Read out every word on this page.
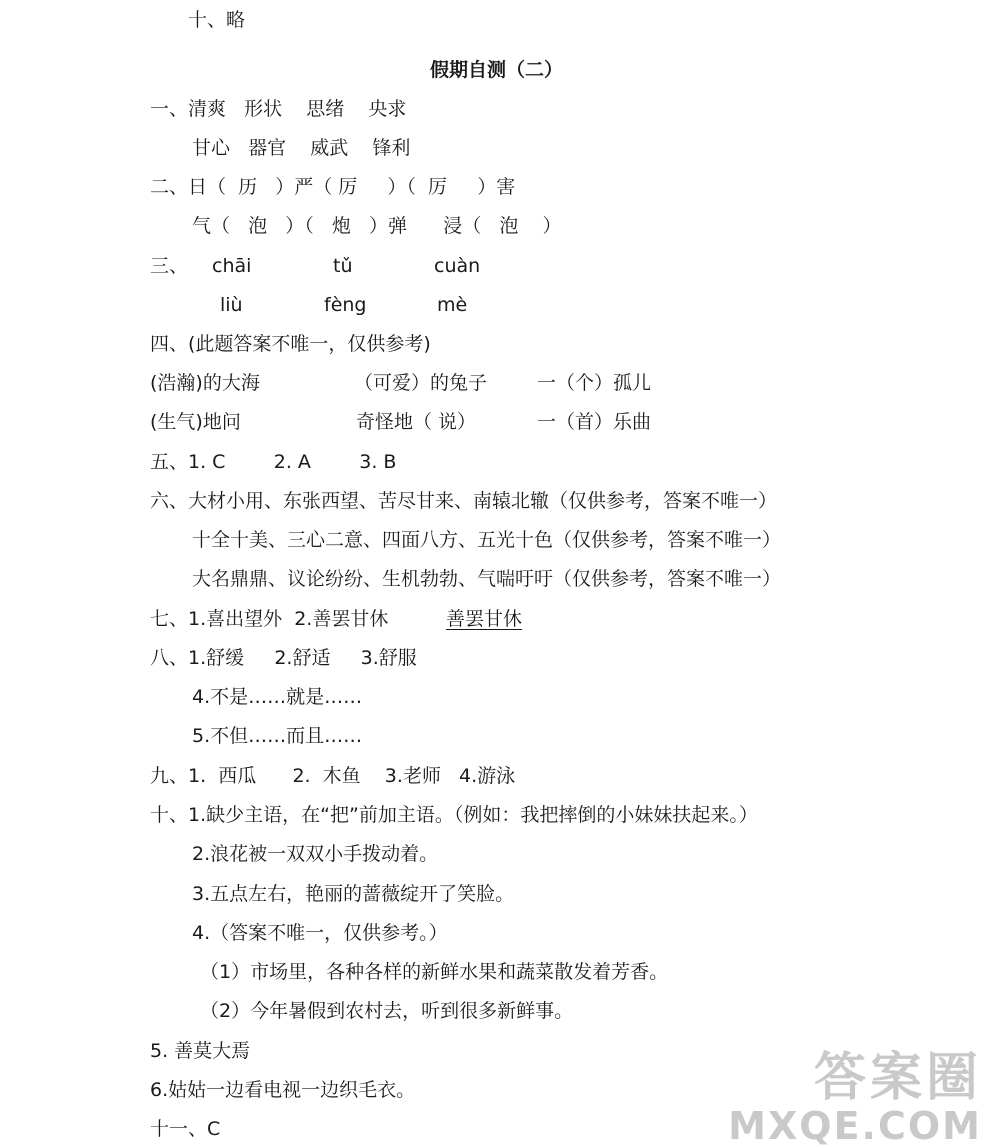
十、略
假期自测（二）
一、清爽   形状    思绪    央求
甘心   器官    威武    锋利
二、日（  历   ）严（ 厉     ）（  厉     ）害
气（   泡   ）（   炮   ）弹      浸（   泡    ）
三、 chāi	tǔ	cuàn
liù	fèng	mè
四、(此题答案不唯一，仅供参考)
(浩瀚)的大海	（可爱）的兔子	一（个）孤儿
(生气)地问	奇怪地（ 说）	一（首）乐曲
五、1. C        2. A        3. B
六、大材小用、东张西望、苦尽甘来、南辕北辙（仅供参考，答案不唯一）
十全十美、三心二意、四面八方、五光十色（仅供参考，答案不唯一）
大名鼎鼎、议论纷纷、生机勃勃、气喘吁吁（仅供参考，答案不唯一）
七、1.喜出望外  2.善罢甘休	善罢甘休
八、1.舒缓     2.舒适     3.舒服
4.不是……就是……
5.不但……而且……
九、1.  西瓜      2.  木鱼    3.老师   4.游泳
十、1.缺少主语，在“把”前加主语。（例如：我把摔倒的小妹妹扶起来。）
2.浪花被一双双小手拨动着。
3.五点左右，艳丽的蔷薇绽开了笑脸。
4.（答案不唯一，仅供参考。）
（1）市场里，各种各样的新鲜水果和蔬菜散发着芳香。
（2）今年暑假到农村去，听到很多新鲜事。
5. 善莫大焉
6.姑姑一边看电视一边织毛衣。
十一、C
答案圈
MXQE.COM
